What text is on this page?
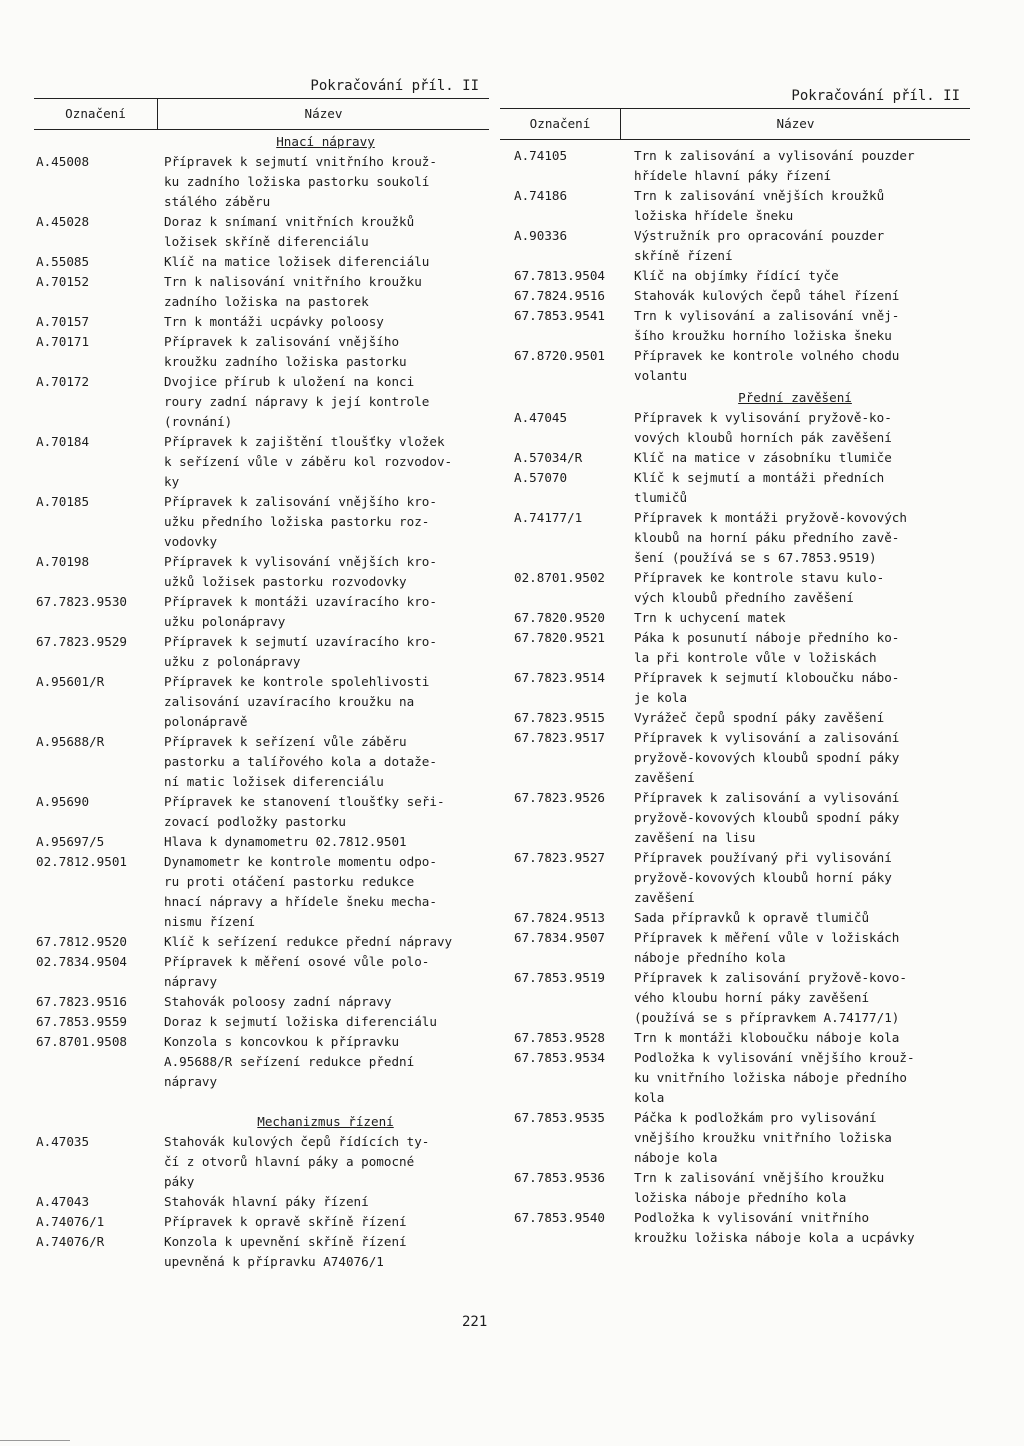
Pokračování příl. II
Označení	Název
Hnací nápravy
A.45008	Přípravek k sejmutí vnitřního krouž-
ku zadního ložiska pastorku soukolí
stálého záběru
A.45028	Doraz k snímaní vnitřních kroužků
ložisek skříně diferenciálu
A.55085	Klíč na matice ložisek diferenciálu
A.70152	Trn k nalisování vnitřního kroužku
zadního ložiska na pastorek
A.70157	Trn k montáži ucpávky poloosy
A.70171	Přípravek k zalisování vnějšího
kroužku zadního ložiska pastorku
A.70172	Dvojice přírub k uložení na konci
roury zadní nápravy k její kontrole
(rovnání)
A.70184	Přípravek k zajištění tloušťky vložek
k seřízení vůle v záběru kol rozvodov-
ky
A.70185	Přípravek k zalisování vnějšího kro-
užku předního ložiska pastorku roz-
vodovky
A.70198	Přípravek k vylisování vnějších kro-
užků ložisek pastorku rozvodovky
67.7823.9530	Přípravek k montáži uzavíracího kro-
užku polonápravy
67.7823.9529	Přípravek k sejmutí uzavíracího kro-
užku z polonápravy
A.95601/R	Přípravek ke kontrole spolehlivosti
zalisování uzavíracího kroužku na
polonápravě
A.95688/R	Přípravek k seřízení vůle záběru
pastorku a talířového kola a dotaže-
ní matic ložisek diferenciálu
A.95690	Přípravek ke stanovení tloušťky seři-
zovací podložky pastorku
A.95697/5	Hlava k dynamometru 02.7812.9501
02.7812.9501	Dynamometr ke kontrole momentu odpo-
ru proti otáčení pastorku redukce
hnací nápravy a hřídele šneku mecha-
nismu řízení
67.7812.9520	Klíč k seřízení redukce přední nápravy
02.7834.9504	Přípravek k měření osové vůle polo-
nápravy
67.7823.9516	Stahovák poloosy zadní nápravy
67.7853.9559	Doraz k sejmutí ložiska diferenciálu
67.8701.9508	Konzola s koncovkou k přípravku
A.95688/R seřízení redukce přední
nápravy
Mechanizmus řízení
A.47035	Stahovák kulových čepů řídících ty-
čí z otvorů hlavní páky a pomocné
páky
A.47043	Stahovák hlavní páky řízení
A.74076/1	Přípravek k opravě skříně řízení
A.74076/R	Konzola k upevnění skříně řízení
upevněná k přípravku A74076/1
Pokračování příl. II
Označení	Název
A.74105	Trn k zalisování a vylisování pouzder
hřídele hlavní páky řízení
A.74186	Trn k zalisování vnějších kroužků
ložiska hřídele šneku
A.90336	Výstružník pro opracování pouzder
skříně řízení
67.7813.9504	Klíč na objímky řídící tyče
67.7824.9516	Stahovák kulových čepů táhel řízení
67.7853.9541	Trn k vylisování a zalisování vněj-
šího kroužku horního ložiska šneku
67.8720.9501	Přípravek ke kontrole volného chodu
volantu
Přední zavěšení
A.47045	Přípravek k vylisování pryžově-ko-
vových kloubů horních pák zavěšení
A.57034/R	Klíč na matice v zásobníku tlumiče
A.57070	Klíč k sejmutí a montáži předních
tlumičů
A.74177/1	Přípravek k montáži pryžově-kovových
kloubů na horní páku předního zavě-
šení (používá se s 67.7853.9519)
02.8701.9502	Přípravek ke kontrole stavu kulo-
vých kloubů předního zavěšení
67.7820.9520	Trn k uchycení matek
67.7820.9521	Páka k posunutí náboje předního ko-
la při kontrole vůle v ložiskách
67.7823.9514	Přípravek k sejmutí kloboučku nábo-
je kola
67.7823.9515	Vyrážeč čepů spodní páky zavěšení
67.7823.9517	Přípravek k vylisování a zalisování
pryžově-kovových kloubů spodní páky
zavěšení
67.7823.9526	Přípravek k zalisování a vylisování
pryžově-kovových kloubů spodní páky
zavěšení na lisu
67.7823.9527	Přípravek používaný při vylisování
pryžově-kovových kloubů horní páky
zavěšení
67.7824.9513	Sada přípravků k opravě tlumičů
67.7834.9507	Přípravek k měření vůle v ložiskách
náboje předního kola
67.7853.9519	Přípravek k zalisování pryžově-kovo-
vého kloubu horní páky zavěšení
(používá se s přípravkem A.74177/1)
67.7853.9528	Trn k montáži kloboučku náboje kola
67.7853.9534	Podložka k vylisování vnějšího krouž-
ku vnitřního ložiska náboje předního
kola
67.7853.9535	Páčka k podložkám pro vylisování
vnějšího kroužku vnitřního ložiska
náboje kola
67.7853.9536	Trn k zalisování vnějšího kroužku
ložiska náboje předního kola
67.7853.9540	Podložka k vylisování vnitřního
kroužku ložiska náboje kola a ucpávky
221
